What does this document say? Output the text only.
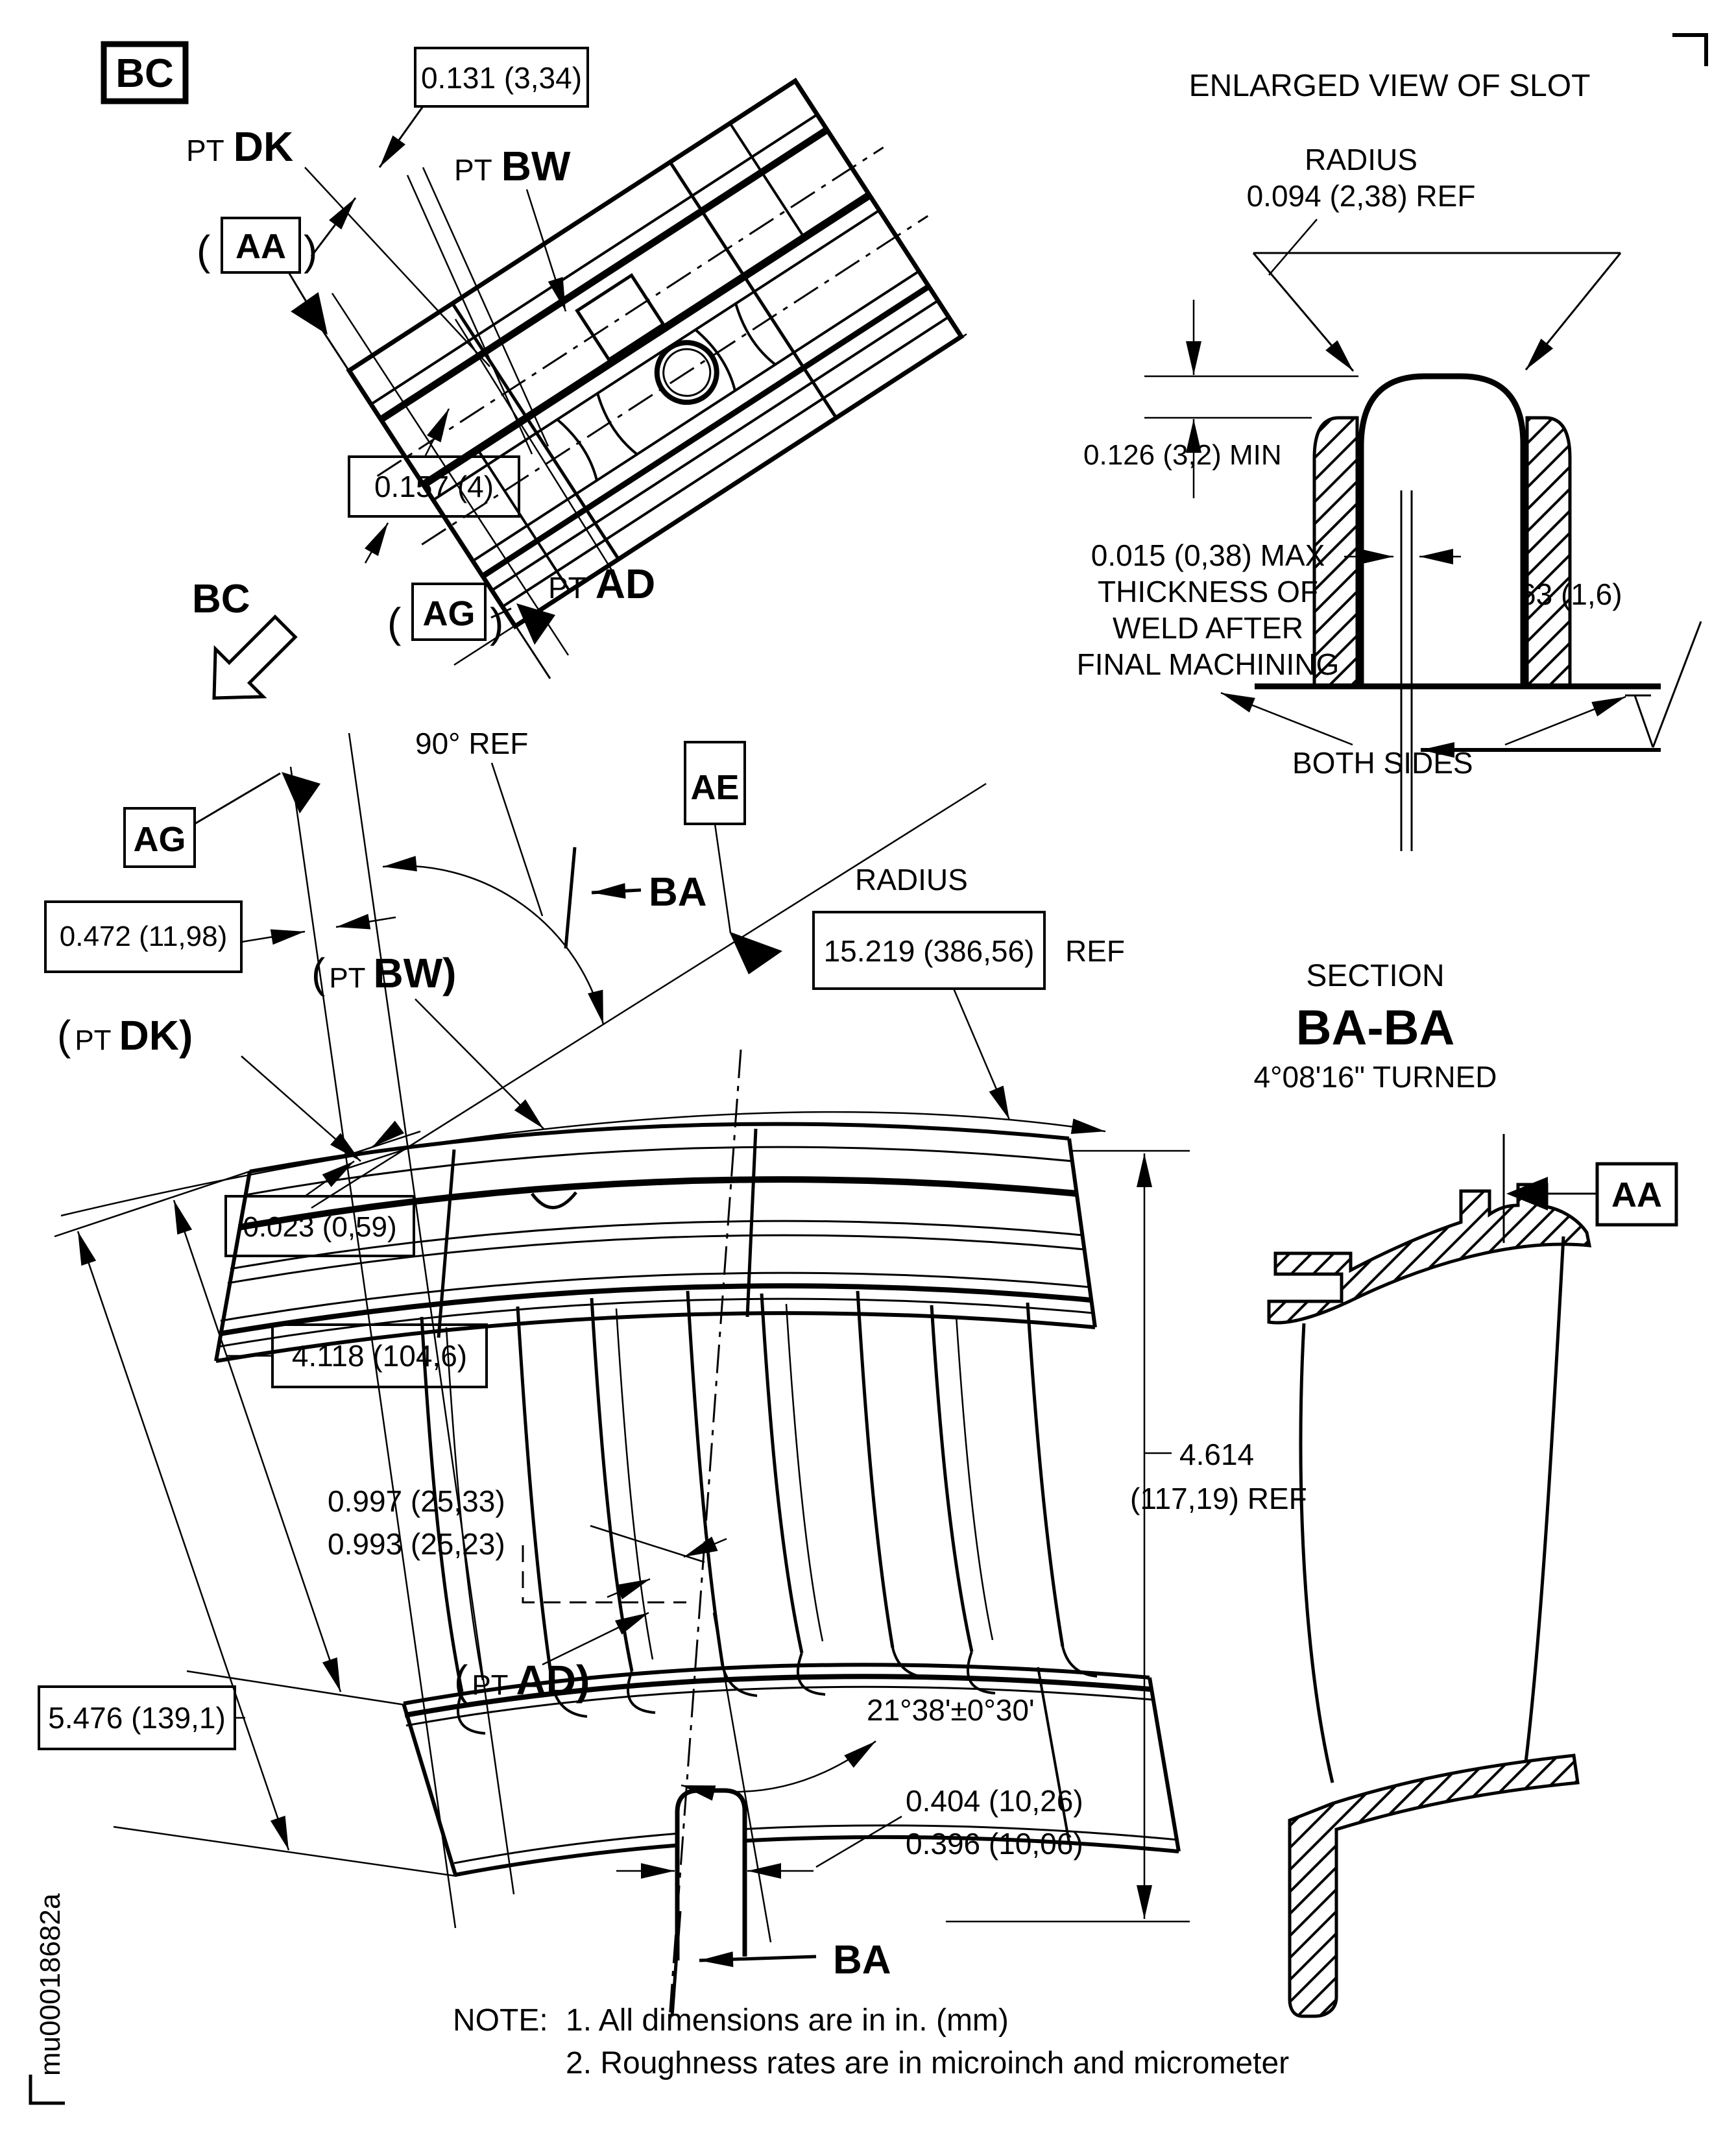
BC	0.131 (3,34)
PT DK	PT BW
( AA )
0.157 (4)
( AG )
PT AD
BC
ENLARGED VIEW OF SLOT
RADIUS
0.094 (2,38) REF
0.126 (3,2) MIN
0.015 (0,38) MAX
THICKNESS OF
WELD AFTER
FINAL MACHINING
63 (1,6)
BOTH SIDES
AG
0.472 (11,98)
( PT DK)
( PT BW)
90° REF
AE
BA	RADIUS
15.219 (386,56) REF
0.023 (0,59)
4.118 (104,6)
5.476 (139,1)
0.997 (25,33)
0.993 (25,23)
( PT AD)
4.614
(117,19) REF
21°38'±0°30'
0.404 (10,26)
0.396 (10,06)
BA
SECTION
BA-BA
4°08'16" TURNED
AA
NOTE: 1. All dimensions are in in. (mm)
2. Roughness rates are in microinch and micrometer
mu00018682a
